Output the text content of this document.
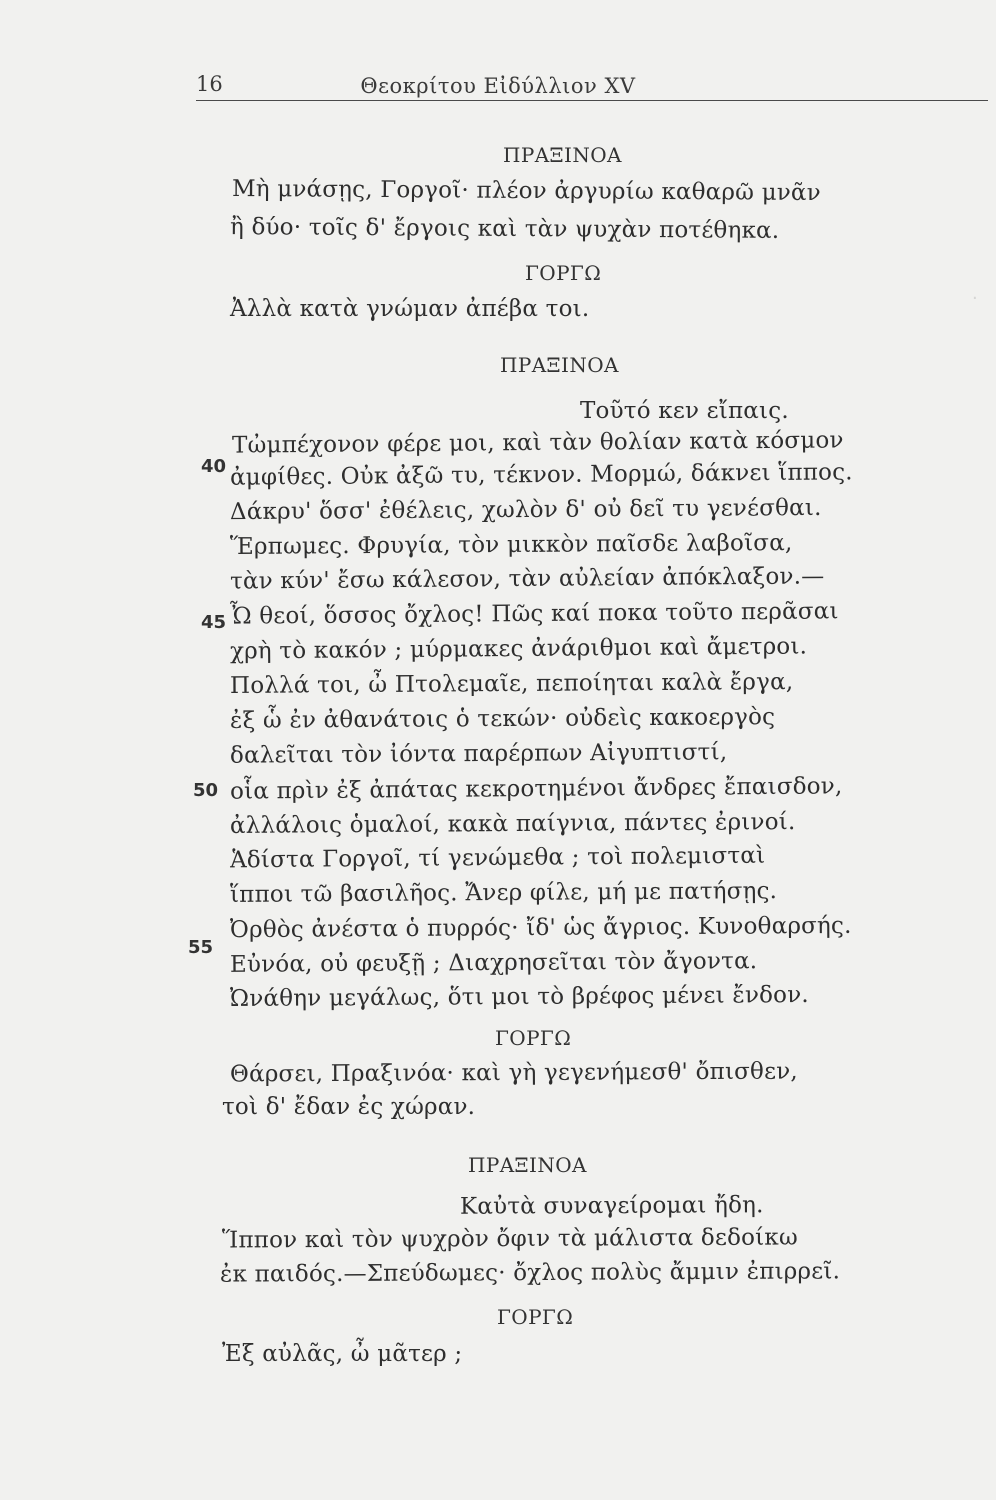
16	Θεοκρίτου Εἰδύλλιον XV
·
ΠΡΑΞΙΝΟΑ
Μὴ μνάσῃς, Γοργοῖ· πλέον ἀργυρίω καθαρῶ μνᾶν
ἢ δύο· τοῖς δ' ἔργοις καὶ τὰν ψυχὰν ποτέθηκα.
ΓΟΡΓΩ
Ἀλλὰ κατὰ γνώμαν ἀπέβα τοι.
ΠΡΑΞΙΝΟΑ
Τοῦτό κεν εἴπαις.
Τὠμπέχονον φέρε μοι, καὶ τὰν θολίαν κατὰ κόσμον
40 ἀμφίθες. Οὐκ ἀξῶ τυ, τέκνον. Μορμώ, δάκνει ἵππος.
Δάκρυ' ὅσσ' ἐθέλεις, χωλὸν δ' οὐ δεῖ τυ γενέσθαι.
Ἕρπωμες. Φρυγία, τὸν μικκὸν παῖσδε λαβοῖσα,
τὰν κύν' ἔσω κάλεσον, τὰν αὐλείαν ἀπόκλαξον.—
Ὦ θεοί, ὅσσος ὄχλος! Πῶς καί ποκα τοῦτο περᾶσαι
45
χρὴ τὸ κακόν ; μύρμακες ἀνάριθμοι καὶ ἄμετροι.
Πολλά τοι, ὦ Πτολεμαῖε, πεποίηται καλὰ ἔργα,
ἐξ ὧ ἐν ἀθανάτοις ὁ τεκών· οὐδεὶς κακοεργὸς
δαλεῖται τὸν ἰόντα παρέρπων Αἰγυπτιστί,
οἷα πρὶν ἐξ ἀπάτας κεκροτημένοι ἄνδρες ἔπαισδον,
50
ἀλλάλοις ὁμαλοί, κακὰ παίγνια, πάντες ἐρινοί.
Ἁδίστα Γοργοῖ, τί γενώμεθα ; τοὶ πολεμισταὶ
ἵπποι τῶ βασιλῆος. Ἄνερ φίλε, μή με πατήσῃς.
Ὀρθὸς ἀνέστα ὁ πυρρός· ἴδ' ὡς ἄγριος. Κυνοθαρσής.
Εὐνόα, οὐ φευξῇ ; Διαχρησεῖται τὸν ἄγοντα.
55
Ὠνάθην μεγάλως, ὅτι μοι τὸ βρέφος μένει ἔνδον.
ΓΟΡΓΩ
Θάρσει, Πραξινόα· καὶ γὴ γεγενήμεσθ' ὄπισθεν,
τοὶ δ' ἔδαν ἐς χώραν.
ΠΡΑΞΙΝΟΑ
Καὐτὰ συναγείρομαι ἤδη.
Ἵππον καὶ τὸν ψυχρὸν ὄφιν τὰ μάλιστα δεδοίκω
ἐκ παιδός.—Σπεύδωμες· ὄχλος πολὺς ἄμμιν ἐπιρρεῖ.
ΓΟΡΓΩ
Ἐξ αὐλᾶς, ὦ μᾶτερ ;
